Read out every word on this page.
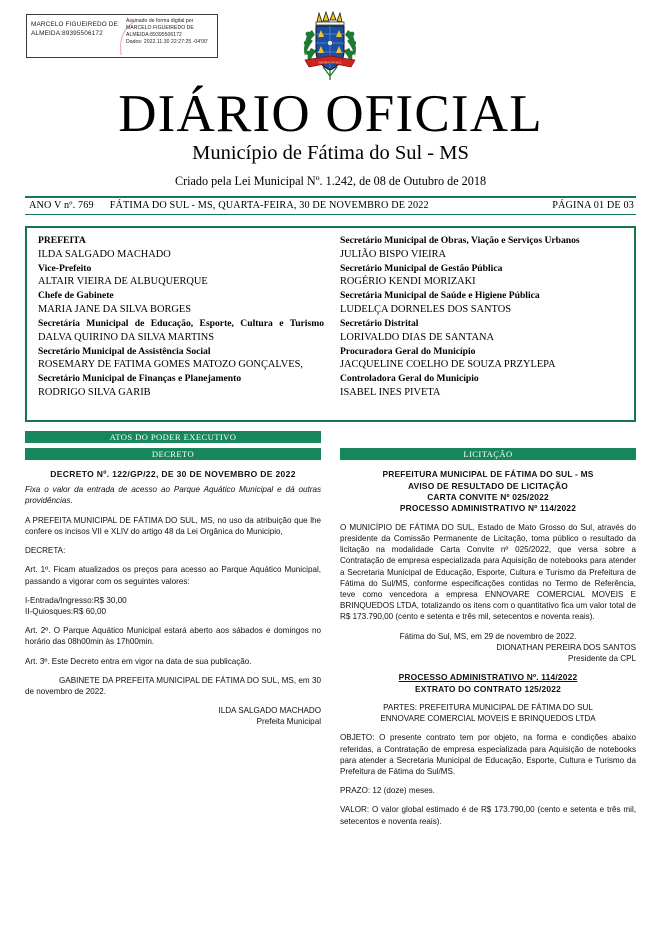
MARCELO FIGUEIREDO DE
ALMEIDA:89395506172
Assinado de forma digital por
MARCELO FIGUEIREDO DE
ALMEIDA:89395506172
Dados: 2022.11.30 22:27:25 -04'00'
FATIMA DO SUL
DIÁRIO OFICIAL
Município de Fátima do Sul - MS
Criado pela Lei Municipal Nº. 1.242, de 08 de Outubro de 2018
ANO V nº. 769	FÁTIMA DO SUL - MS, QUARTA-FEIRA, 30 DE NOVEMBRO DE 2022	PÁGINA 01 DE 03
PREFEITA
ILDA SALGADO MACHADO
Vice-Prefeito
ALTAIR VIEIRA DE ALBUQUERQUE
Chefe de Gabinete
MARIA JANE DA SILVA BORGES
Secretária Municipal de Educação, Esporte, Cultura e Turismo
DALVA QUIRINO DA SILVA MARTINS
Secretário Municipal de Assistência Social
ROSEMARY DE FATIMA GOMES MATOZO GONÇALVES,
Secretário Municipal de Finanças e Planejamento
RODRIGO SILVA GARIB
Secretário Municipal de Obras, Viação e Serviços Urbanos
JULIÃO BISPO VIEIRA
Secretário Municipal de Gestão Pública
ROGÉRIO KENDI MORIZAKI
Secretária Municipal de Saúde e Higiene Pública
LUDELÇA DORNELES DOS SANTOS
Secretário Distrital
LORIVALDO DIAS DE SANTANA
Procuradora Geral do Município
JACQUELINE COELHO DE SOUZA PRZYLEPA
Controladora Geral do Município
ISABEL INES PIVETA
ATOS DO PODER EXECUTIVO
DECRETO	LICITAÇÃO
DECRETO Nº. 122/GP/22, DE 30 DE NOVEMBRO DE 2022
Fixa o valor da entrada de acesso ao Parque Aquático Municipal e dá outras providências.

A PREFEITA MUNICIPAL DE FÁTIMA DO SUL, MS, no uso da atribuição que lhe confere os incisos VII e XLIV do artigo 48 da Lei Orgânica do Municipio,

DECRETA:

Art. 1º. Ficam atualizados os preços para acesso ao Parque Aquático Municipal, passando a vigorar com os seguintes valores:

I-Entrada/Ingresso:R$ 30,00

II-Quiosques:R$ 60,00

Art. 2º. O Parque Aquático Municipal estará aberto aos sábados e domingos no horário das 08h00min às 17h00min.

Art. 3º. Este Decreto entra em vigor na data de sua publicação.

GABINETE DA PREFEITA MUNICIPAL DE FÁTIMA DO SUL, MS, em 30 de novembro de 2022.

ILDA SALGADO MACHADO

Prefeita Municipal

PREFEITURA MUNICIPAL DE FÁTIMA DO SUL - MS
AVISO DE RESULTADO DE LICITAÇÃO
CARTA CONVITE Nº 025/2022
PROCESSO ADMINISTRATIVO Nº 114/2022

O MUNICÍPIO DE FÁTIMA DO SUL, Estado de Mato Grosso do Sul, através do presidente da Comissão Permanente de Licitação, toma público o resultado da licitação na modalidade Carta Convite nº 025/2022, que versa sobre a Contratação de empresa especializada para Aquisição de notebooks para atender a Secretaria Municipal de Educação, Esporte, Cultura e Turismo da Prefeitura de Fátima do Sul/MS, conforme especificações contidas no Termo de Referência, teve como vencedora a empresa ENNOVARE COMERCIAL MOVEIS E BRINQUEDOS LTDA, totalizando os itens com o quantitativo fica um valor total de R$ 173.790,00 (cento e setenta e três mil, setecentos e noventa reais).

Fátima do Sul, MS, em 29 de novembro de 2022.

DIONATHAN PEREIRA DOS SANTOS

Presidente da CPL

PROCESSO ADMINISTRATIVO Nº. 114/2022
EXTRATO DO CONTRATO 125/2022

PARTES: PREFEITURA MUNICIPAL DE FÁTIMA DO SUL

ENNOVARE COMERCIAL MOVEIS E BRINQUEDOS LTDA

OBJETO: O presente contrato tem por objeto, na forma e condições abaixo referidas, a Contratação de empresa especializada para Aquisição de notebooks para atender a Secretaria Municipal de Educação, Esporte, Cultura e Turismo da Prefeitura de Fátima do Sul/MS.

PRAZO: 12 (doze) meses.

VALOR: O valor global estimado é de R$ 173.790,00 (cento e setenta e três mil, setecentos e noventa reais).
